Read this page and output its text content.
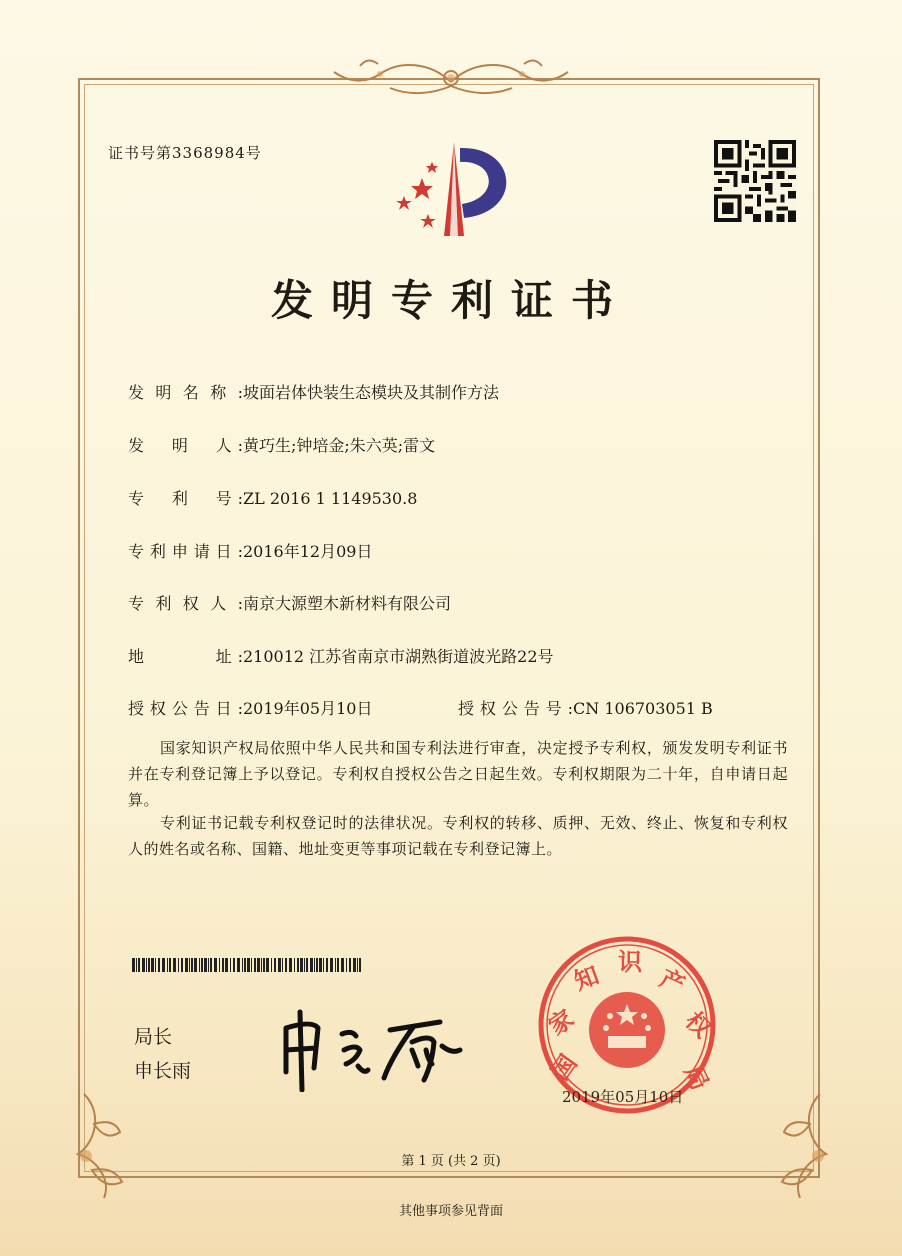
证书号第3368984号
发明专利证书
发明名称:坡面岩体快装生态模块及其制作方法
发　明　人:黄巧生;钟培金;朱六英;雷文
专　利　号:ZL 2016 1 1149530.8
专利申请日:2016年12月09日
专利权人:南京大源塑木新材料有限公司
地　　　址:210012 江苏省南京市湖熟街道波光路22号
授权公告日:2019年05月10日	授权公告号:CN 106703051 B
国家知识产权局依照中华人民共和国专利法进行审查，决定授予专利权，颁发发明专利证书并在专利登记簿上予以登记。专利权自授权公告之日起生效。专利权期限为二十年，自申请日起算。
专利证书记载专利权登记时的法律状况。专利权的转移、质押、无效、终止、恢复和专利权人的姓名或名称、国籍、地址变更等事项记载在专利登记簿上。
局长
申长雨	国
家
知 识
产
权
局
2019年05月10日
第 1 页 (共 2 页)
其他事项参见背面
